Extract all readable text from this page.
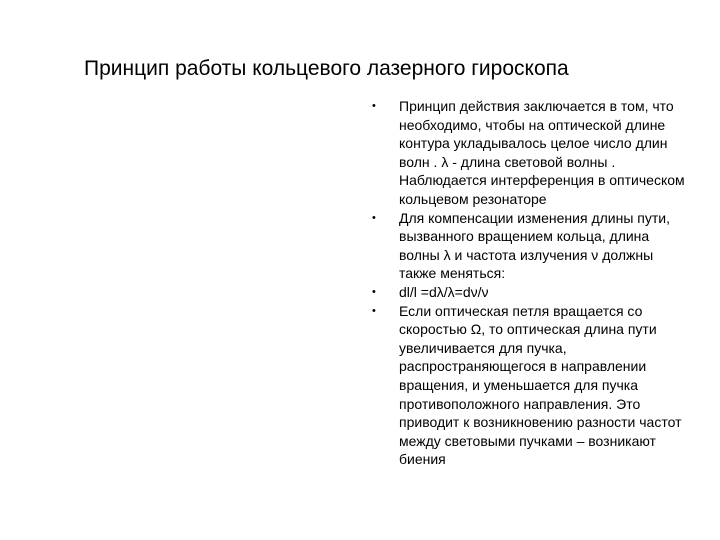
Принцип работы кольцевого лазерного гироскопа
• Принцип действия заключается в том, что необходимо, чтобы на оптической длине контура укладывалось целое число длин волн . λ - длина световой волны . Наблюдается интерференция в оптическом кольцевом резонаторе
• Для компенсации изменения длины пути, вызванного вращением кольца, длина волны λ и частота излучения ν должны также меняться:
• dl/l =dλ/λ=dν/ν
• Если оптическая петля вращается со скоростью Ω, то оптическая длина пути увеличивается для пучка, распространяющегося в направлении вращения, и уменьшается для пучка противоположного направления. Это приводит к возникновению разности частот между световыми пучками – возникают биения
